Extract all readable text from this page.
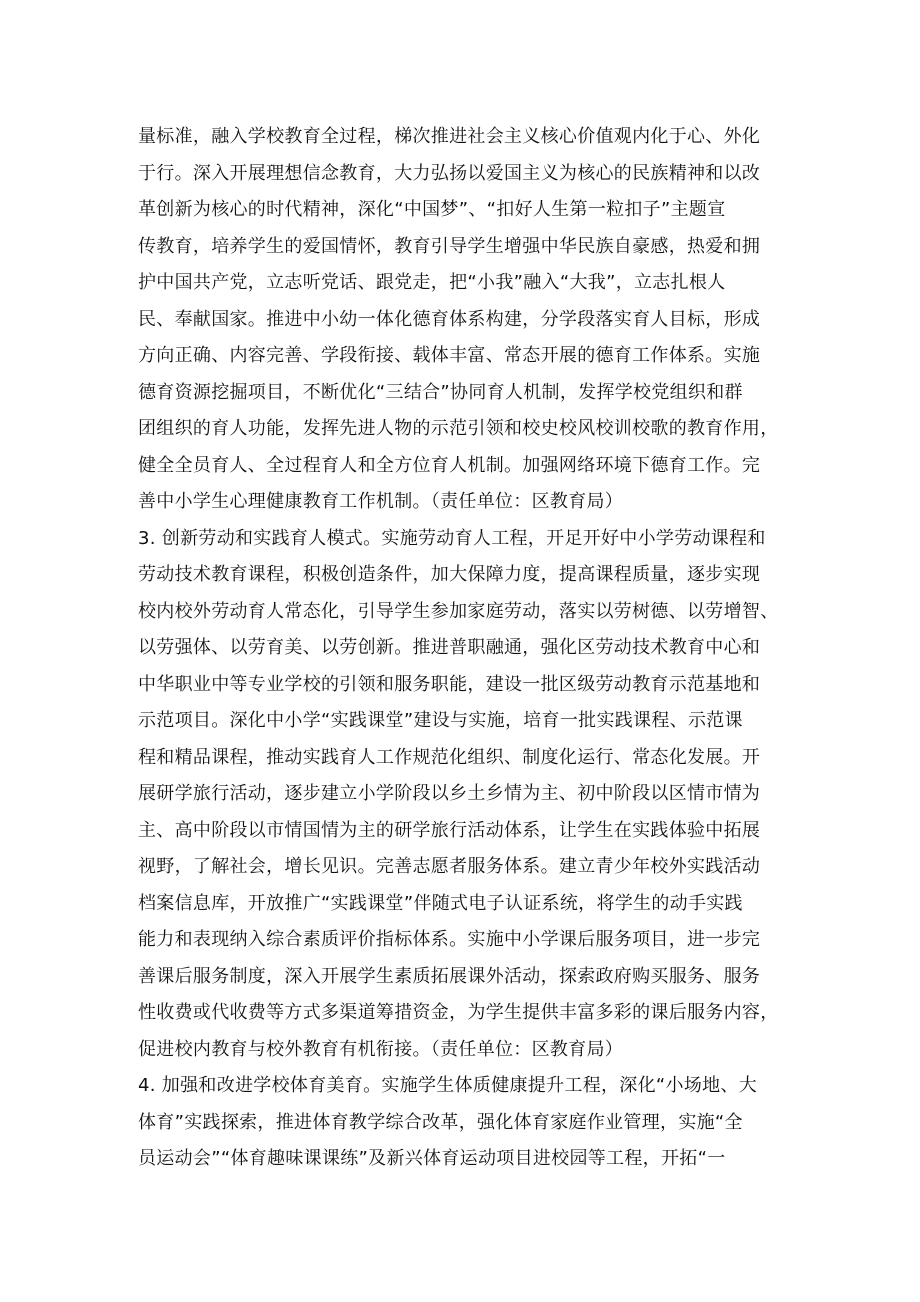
量标准，融入学校教育全过程，梯次推进社会主义核心价值观内化于心、外化
于行。深入开展理想信念教育，大力弘扬以爱国主义为核心的民族精神和以改
革创新为核心的时代精神，深化“中国梦”、“扣好人生第一粒扣子”主题宣
传教育，培养学生的爱国情怀，教育引导学生增强中华民族自豪感，热爱和拥
护中国共产党，立志听党话、跟党走，把“小我”融入“大我”，立志扎根人
民、奉献国家。推进中小幼一体化德育体系构建，分学段落实育人目标，形成
方向正确、内容完善、学段衔接、载体丰富、常态开展的德育工作体系。实施
德育资源挖掘项目，不断优化“三结合”协同育人机制，发挥学校党组织和群
团组织的育人功能，发挥先进人物的示范引领和校史校风校训校歌的教育作用，
健全全员育人、全过程育人和全方位育人机制。加强网络环境下德育工作。完
善中小学生心理健康教育工作机制。（责任单位：区教育局）
3. 创新劳动和实践育人模式。实施劳动育人工程，开足开好中小学劳动课程和
劳动技术教育课程，积极创造条件，加大保障力度，提高课程质量，逐步实现
校内校外劳动育人常态化，引导学生参加家庭劳动，落实以劳树德、以劳增智、
以劳强体、以劳育美、以劳创新。推进普职融通，强化区劳动技术教育中心和
中华职业中等专业学校的引领和服务职能，建设一批区级劳动教育示范基地和
示范项目。深化中小学“实践课堂”建设与实施，培育一批实践课程、示范课
程和精品课程，推动实践育人工作规范化组织、制度化运行、常态化发展。开
展研学旅行活动，逐步建立小学阶段以乡土乡情为主、初中阶段以区情市情为
主、高中阶段以市情国情为主的研学旅行活动体系，让学生在实践体验中拓展
视野，了解社会，增长见识。完善志愿者服务体系。建立青少年校外实践活动
档案信息库，开放推广“实践课堂”伴随式电子认证系统，将学生的动手实践
能力和表现纳入综合素质评价指标体系。实施中小学课后服务项目，进一步完
善课后服务制度，深入开展学生素质拓展课外活动，探索政府购买服务、服务
性收费或代收费等方式多渠道筹措资金，为学生提供丰富多彩的课后服务内容，
促进校内教育与校外教育有机衔接。（责任单位：区教育局）
4. 加强和改进学校体育美育。实施学生体质健康提升工程，深化“小场地、大
体育”实践探索，推进体育教学综合改革，强化体育家庭作业管理，实施“全
员运动会”“体育趣味课课练”及新兴体育运动项目进校园等工程，开拓“一
